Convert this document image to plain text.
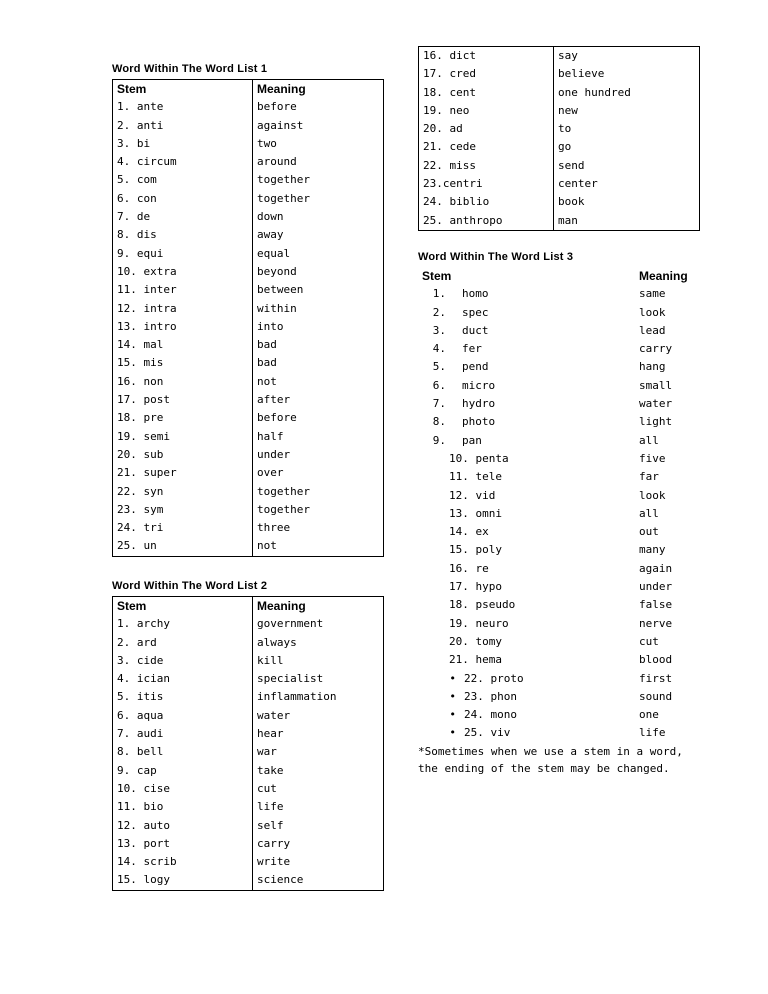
Word Within The Word List 1
Stem	Meaning
1. ante	before
2. anti	against
3. bi	two
4. circum	around
5. com	together
6. con	together
7. de	down
8. dis	away
9. equi	equal
10. extra	beyond
11. inter	between
12. intra	within
13. intro	into
14. mal	bad
15. mis	bad
16. non	not
17. post	after
18. pre	before
19. semi	half
20. sub	under
21. super	over
22. syn	together
23. sym	together
24. tri	three
25. un	not
Word Within The Word List 2
Stem	Meaning
1. archy	government
2. ard	always
3. cide	kill
4. ician	specialist
5. itis	inflammation
6. aqua	water
7. audi	hear
8. bell	war
9. cap	take
10. cise	cut
11. bio	life
12. auto	self
13. port	carry
14. scrib	write
15. logy	science
16. dict	say
17. cred	believe
18. cent	one hundred
19. neo	new
20. ad	to
21. cede	go
22. miss	send
23.centri	center
24. biblio	book
25. anthropo	man
Word Within The Word List 3
Stem	Meaning
1. homo	same
2. spec	look
3. duct	lead
4. fer	carry
5. pend	hang
6. micro	small
7. hydro	water
8. photo	light
9. pan	all
10. penta	five
11. tele	far
12. vid	look
13. omni	all
14. ex	out
15. poly	many
16. re	again
17. hypo	under
18. pseudo	false
19. neuro	nerve
20. tomy	cut
21. hema	blood
• 22. proto	first
• 23. phon	sound
• 24. mono	one
• 25. viv	life
*Sometimes when we use a stem in a word, the ending of the stem may be changed.
